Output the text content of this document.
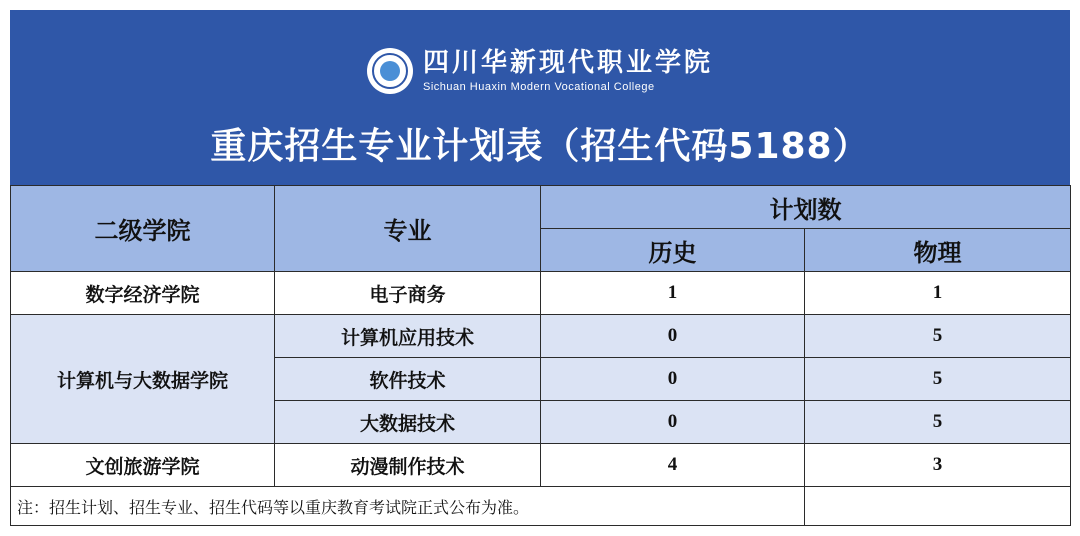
四川华新现代职业学院
Sichuan Huaxin Modern Vocational College
重庆招生专业计划表（招生代码5188）
二级学院	专业	计划数	
		历史	物理
数字经济学院	电子商务	1	1
计算机与大数据学院	计算机应用技术	0	5
	软件技术	0	5
	大数据技术	0	5
文创旅游学院	动漫制作技术	4	3
注：招生计划、招生专业、招生代码等以重庆教育考试院正式公布为准。			
